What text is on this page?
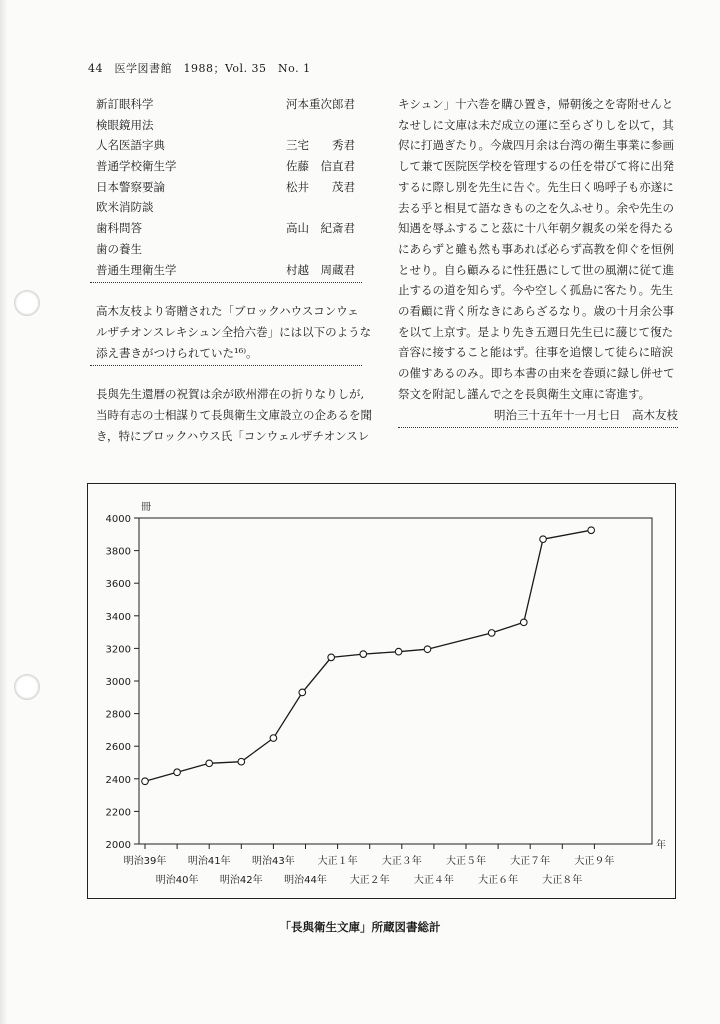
44　医学図書館　1988；Vol. 35　No. 1
新訂眼科学	河本重次郎君
検眼鏡用法
人名医語字典	三宅　　秀君
普通学校衛生学	佐藤　信直君
日本警察要論	松井　　茂君
欧米消防談
歯科問答	高山　紀斎君
歯の養生
普通生理衛生学	村越　周蔵君
高木友枝より寄贈された「ブロックハウスコンウェ
ルザチオンスレキシュン全拾六巻」には以下のような
添え書きがつけられていた¹⁶⁾。
長與先生還暦の祝賀は余が欧州滞在の折りなりしが,
当時有志の士相謀りて長與衛生文庫設立の企あるを聞
き，特にブロックハウス氏「コンウェルザチオンスレ
キシュン」十六巻を購ひ置き，帰朝後之を寄附せんと
なせしに文庫は未だ成立の運に至らざりしを以て，其
侭に打過ぎたり。今歳四月余は台湾の衛生事業に参画
して兼て医院医学校を管理するの任を帯びて将に出発
するに際し別を先生に告ぐ。先生曰く嗚呼子も亦遂に
去る乎と相見て語なきもの之を久ふせり。余や先生の
知遇を辱ふすること茲に十八年朝夕親炙の栄を得たる
にあらずと雖も然も事あれば必らず高教を仰ぐを恒例
とせり。自ら顧みるに性狂愚にして世の風潮に従て進
止するの道を知らず。今や空しく孤島に客たり。先生
の看顧に背く所なきにあらざるなり。歳の十月余公事
を以て上京す。是より先き五週日先生已に蘐じて復た
音容に接すること能はず。往事を追懐して徒らに暗涙
の催すあるのみ。即ち本書の由来を巻頭に録し併せて
祭文を附記し謹んで之を長與衛生文庫に寄進す。
明治三十五年十一月七日　高木友枝
2000
2200
2400
2600
2800
3000
3200
3400
3600
3800
4000
冊
年
明治39年
明治40年
明治41年
明治42年
明治43年
明治44年
大正１年
大正２年
大正３年
大正４年
大正５年
大正６年
大正７年
大正８年
大正９年
「長與衛生文庫」所蔵図書総計
